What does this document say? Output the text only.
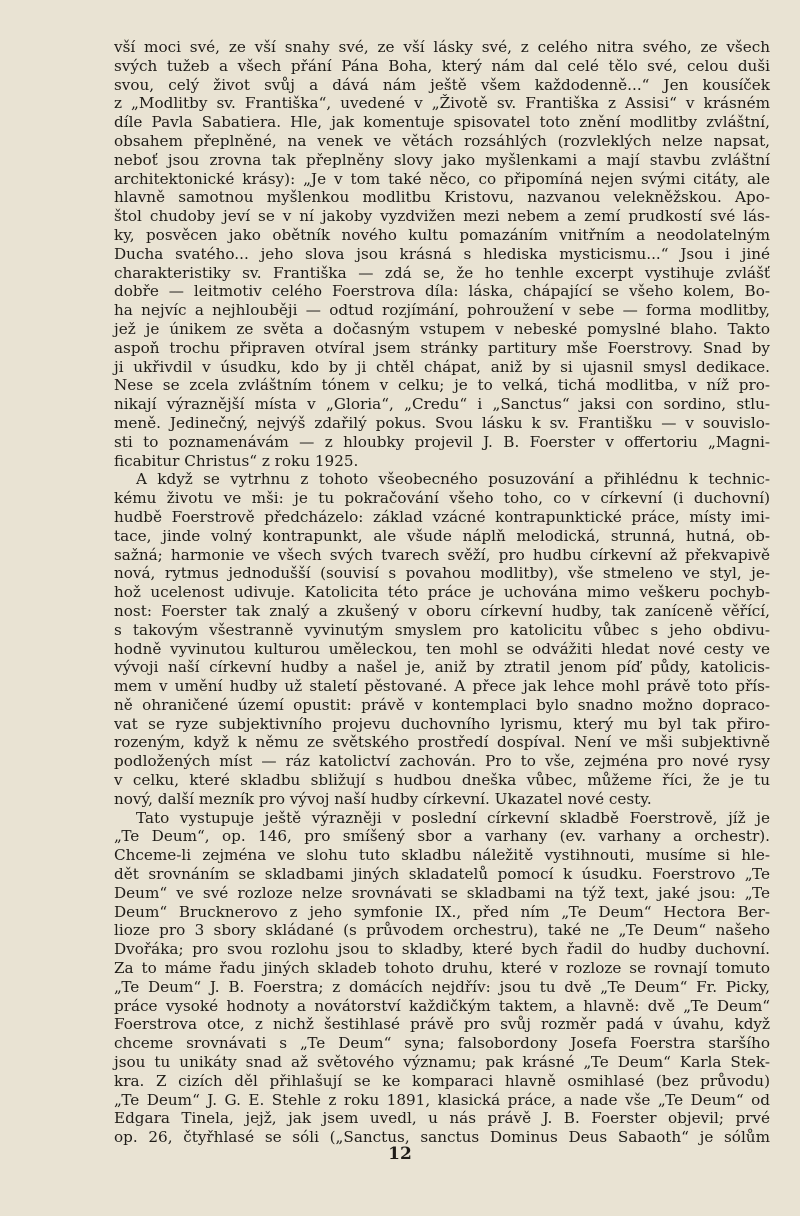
vší moci své, ze vší snahy své, ze vší lásky své, z celého nitra svého, ze všech
svých tužeb a všech přání Pána Boha, který nám dal celé tělo své, celou duši
svou, celý život svůj a dává nám ještě všem každodenně...“ Jen kousíček
z „Modlitby sv. Františka“, uvedené v „Životě sv. Františka z Assisi“ v krásném
díle Pavla Sabatiera. Hle, jak komentuje spisovatel toto znění modlitby zvláštní,
obsahem přeplněné, na venek ve větách rozsáhlých (rozvleklých nelze napsat,
neboť jsou zrovna tak přeplněny slovy jako myšlenkami a mají stavbu zvláštní
architektonické krásy): „Je v tom také něco, co připomíná nejen svými citáty, ale
hlavně samotnou myšlenkou modlitbu Kristovu, nazvanou velekněžskou. Apo-
štol chudoby jeví se v ní jakoby vyzdvižen mezi nebem a zemí prudkostí své lás-
ky, posvěcen jako obětník nového kultu pomazáním vnitřním a neodolatelným
Ducha svatého... jeho slova jsou krásná s hlediska mysticismu...“ Jsou i jiné
charakteristiky sv. Františka — zdá se, že ho tenhle excerpt vystihuje zvlášť
dobře — leitmotiv celého Foerstrova díla: láska, chápající se všeho kolem, Bo-
ha nejvíc a nejhlouběji — odtud rozjímání, pohroužení v sebe — forma modlitby,
jež je únikem ze světa a dočasným vstupem v nebeské pomyslné blaho. Takto
aspoň trochu připraven otvíral jsem stránky partitury mše Foerstrovy. Snad by
ji ukřivdil v úsudku, kdo by ji chtěl chápat, aniž by si ujasnil smysl dedikace.
Nese se zcela zvláštním tónem v celku; je to velká, tichá modlitba, v níž pro-
nikají výraznější místa v „Gloria“, „Credu“ i „Sanctus“ jaksi con sordino, stlu-
meně. Jedinečný, nejvýš zdařilý pokus. Svou lásku k sv. Františku — v souvislo-
sti to poznamenávám — z hloubky projevil J. B. Foerster v offertoriu „Magni-
ficabitur Christus“ z roku 1925.
A když se vytrhnu z tohoto všeobecného posuzování a přihlédnu k technic-
kému životu ve mši: je tu pokračování všeho toho, co v církevní (i duchovní)
hudbě Foerstrově předcházelo: základ vzácné kontrapunktické práce, místy imi-
tace, jinde volný kontrapunkt, ale všude náplň melodická, strunná, hutná, ob-
sažná; harmonie ve všech svých tvarech svěží, pro hudbu církevní až překvapivě
nová, rytmus jednodušší (souvisí s povahou modlitby), vše stmeleno ve styl, je-
hož ucelenost udivuje. Katolicita této práce je uchována mimo veškeru pochyb-
nost: Foerster tak znalý a zkušený v oboru církevní hudby, tak zaníceně věřící,
s takovým všestranně vyvinutým smyslem pro katolicitu vůbec s jeho obdivu-
hodně vyvinutou kulturou uměleckou, ten mohl se odvážiti hledat nové cesty ve
vývoji naší církevní hudby a našel je, aniž by ztratil jenom píď půdy, katolicis-
mem v umění hudby už staletí pěstované. A přece jak lehce mohl právě toto přís-
ně ohraničené území opustit: právě v kontemplaci bylo snadno možno dopraco-
vat se ryze subjektivního projevu duchovního lyrismu, který mu byl tak přiro-
rozeným, když k němu ze světského prostředí dospíval. Není ve mši subjektivně
podložených míst — ráz katolictví zachován. Pro to vše, zejména pro nové rysy
v celku, které skladbu sbližují s hudbou dneška vůbec, můžeme říci, že je tu
nový, další mezník pro vývoj naší hudby církevní. Ukazatel nové cesty.
Tato vystupuje ještě výrazněji v poslední církevní skladbě Foerstrově, jíž je
„Te Deum“, op. 146, pro smíšený sbor a varhany (ev. varhany a orchestr).
Chceme-li zejména ve slohu tuto skladbu náležitě vystihnouti, musíme si hle-
dět srovnáním se skladbami jiných skladatelů pomocí k úsudku. Foerstrovo „Te
Deum“ ve své rozloze nelze srovnávati se skladbami na týž text, jaké jsou: „Te
Deum“ Brucknerovo z jeho symfonie IX., před ním „Te Deum“ Hectora Ber-
lioze pro 3 sbory skládané (s průvodem orchestru), také ne „Te Deum“ našeho
Dvořáka; pro svou rozlohu jsou to skladby, které bych řadil do hudby duchovní.
Za to máme řadu jiných skladeb tohoto druhu, které v rozloze se rovnají tomuto
„Te Deum“ J. B. Foerstra; z domácích nejdřív: jsou tu dvě „Te Deum“ Fr. Picky,
práce vysoké hodnoty a novátorství každičkým taktem, a hlavně: dvě „Te Deum“
Foerstrova otce, z nichž šestihlasé právě pro svůj rozměr padá v úvahu, když
chceme srovnávati s „Te Deum“ syna; falsobordony Josefa Foerstra staršího
jsou tu unikáty snad až světového významu; pak krásné „Te Deum“ Karla Stek-
kra. Z cizích děl přihlašují se ke komparaci hlavně osmihlasé (bez průvodu)
„Te Deum“ J. G. E. Stehle z roku 1891, klasická práce, a nade vše „Te Deum“ od
Edgara Tinela, jejž, jak jsem uvedl, u nás právě J. B. Foerster objevil; prvé
op. 26, čtyřhlasé se sóli („Sanctus, sanctus Dominus Deus Sabaoth“ je sólům
12
